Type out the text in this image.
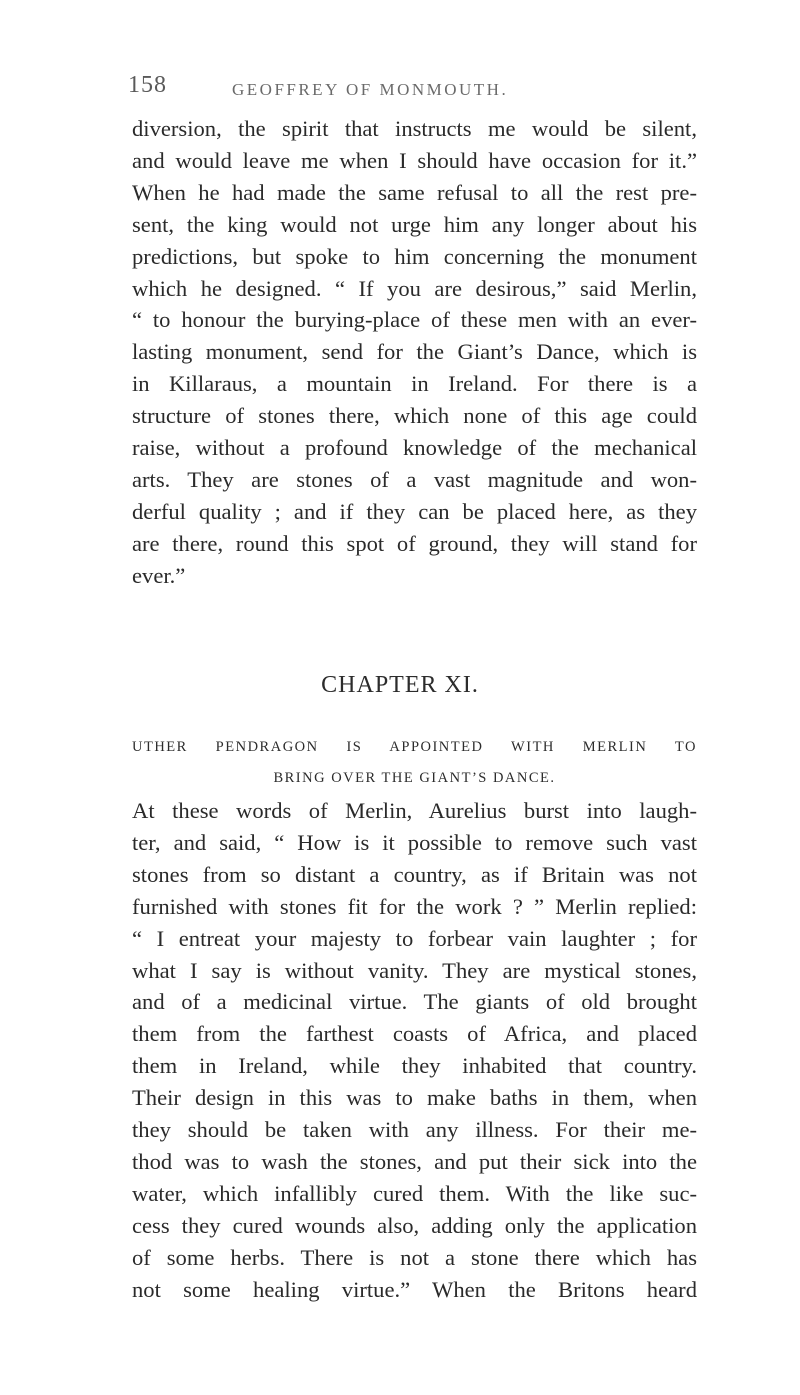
158	GEOFFREY OF MONMOUTH.
diversion, the spirit that instructs me would be silent,
and would leave me when I should have occasion for it.”
When he had made the same refusal to all the rest pre-
sent, the king would not urge him any longer about his
predictions, but spoke to him concerning the monument
which he designed. “ If you are desirous,” said Merlin,
“ to honour the burying-place of these men with an ever-
lasting monument, send for the Giant’s Dance, which is
in Killaraus, a mountain in Ireland. For there is a
structure of stones there, which none of this age could
raise, without a profound knowledge of the mechanical
arts. They are stones of a vast magnitude and won-
derful quality ; and if they can be placed here, as they
are there, round this spot of ground, they will stand for
ever.”
CHAPTER XI.
UTHER PENDRAGON IS APPOINTED WITH MERLIN TO
BRING OVER THE GIANT’S DANCE.
At these words of Merlin, Aurelius burst into laugh-
ter, and said, “ How is it possible to remove such vast
stones from so distant a country, as if Britain was not
furnished with stones fit for the work ? ” Merlin replied:
“ I entreat your majesty to forbear vain laughter ; for
what I say is without vanity. They are mystical stones,
and of a medicinal virtue. The giants of old brought
them from the farthest coasts of Africa, and placed
them in Ireland, while they inhabited that country.
Their design in this was to make baths in them, when
they should be taken with any illness. For their me-
thod was to wash the stones, and put their sick into the
water, which infallibly cured them. With the like suc-
cess they cured wounds also, adding only the application
of some herbs. There is not a stone there which has
not some healing virtue.” When the Britons heard
